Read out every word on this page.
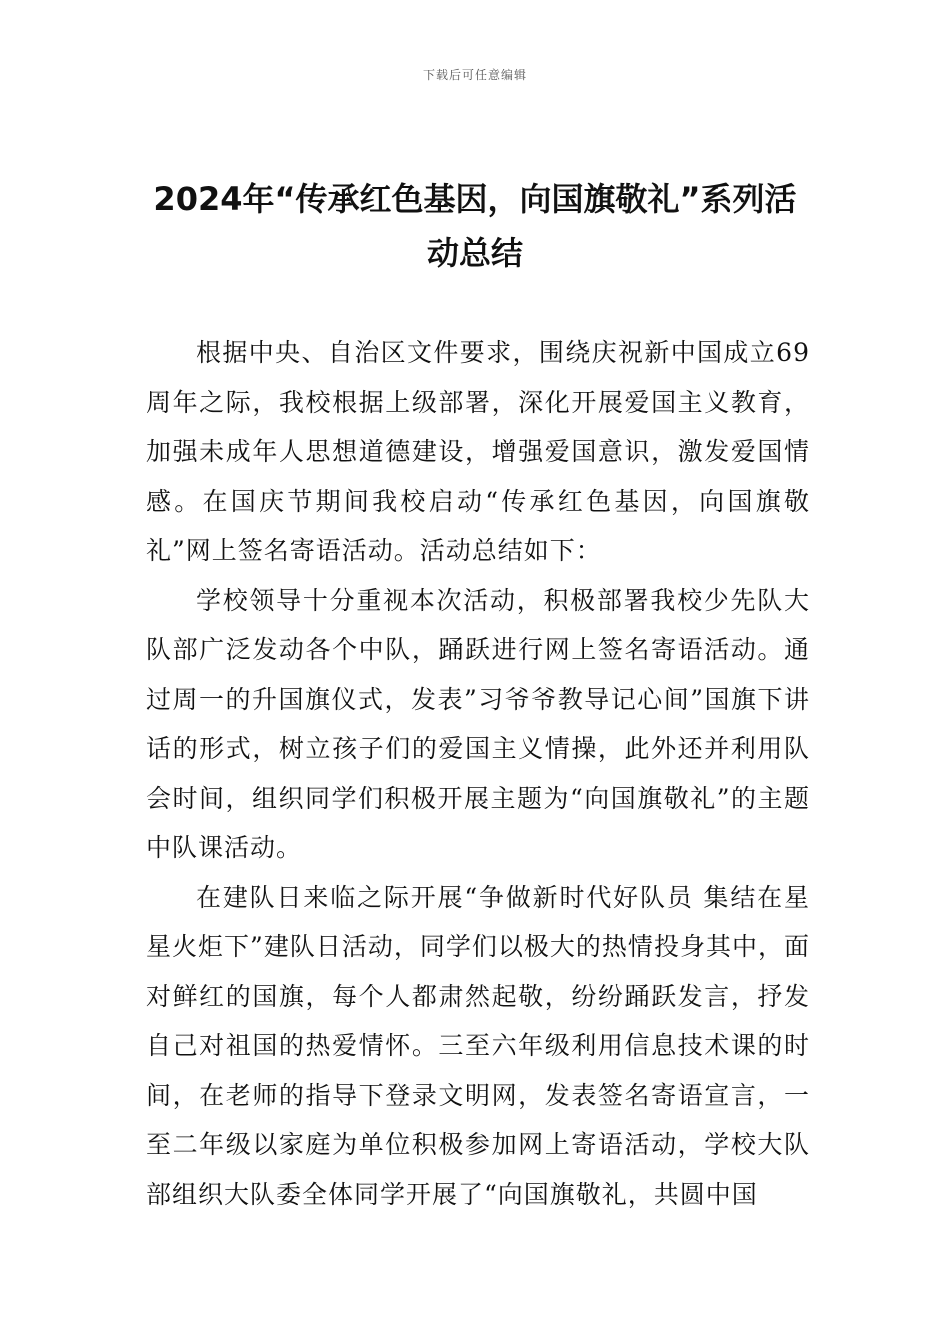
下载后可任意编辑
2024年“传承红色基因，向国旗敬礼”系列活动总结

根据中央、自治区文件要求，围绕庆祝新中国成立69周年之际，我校根据上级部署，深化开展爱国主义教育，加强未成年人思想道德建设，增强爱国意识，激发爱国情感。在国庆节期间我校启动“传承红色基因，向国旗敬礼”网上签名寄语活动。活动总结如下：

学校领导十分重视本次活动，积极部署我校少先队大队部广泛发动各个中队，踊跃进行网上签名寄语活动。通过周一的升国旗仪式，发表”习爷爷教导记心间”国旗下讲话的形式，树立孩子们的爱国主义情操，此外还并利用队会时间，组织同学们积极开展主题为“向国旗敬礼”的主题中队课活动。

在建队日来临之际开展“争做新时代好队员 集结在星星火炬下”建队日活动，同学们以极大的热情投身其中，面对鲜红的国旗，每个人都肃然起敬，纷纷踊跃发言，抒发自己对祖国的热爱情怀。三至六年级利用信息技术课的时间，在老师的指导下登录文明网，发表签名寄语宣言，一至二年级以家庭为单位积极参加网上寄语活动，学校大队部组织大队委全体同学开展了“向国旗敬礼，共圆中国
